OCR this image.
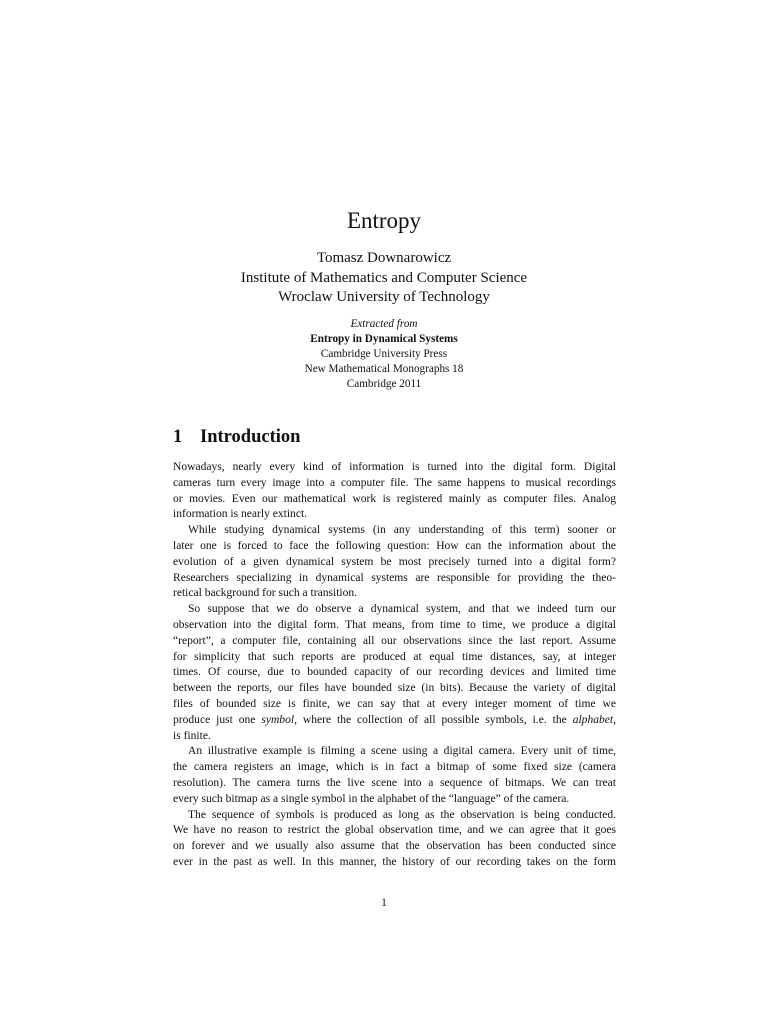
Entropy
Tomasz Downarowicz
Institute of Mathematics and Computer Science
Wroclaw University of Technology
Extracted from
Entropy in Dynamical Systems
Cambridge University Press
New Mathematical Monographs 18
Cambridge 2011
1 Introduction
Nowadays, nearly every kind of information is turned into the digital form. Digital
cameras turn every image into a computer file. The same happens to musical recordings
or movies. Even our mathematical work is registered mainly as computer files. Analog
information is nearly extinct.
While studying dynamical systems (in any understanding of this term) sooner or
later one is forced to face the following question: How can the information about the
evolution of a given dynamical system be most precisely turned into a digital form?
Researchers specializing in dynamical systems are responsible for providing the theo-
retical background for such a transition.
So suppose that we do observe a dynamical system, and that we indeed turn our
observation into the digital form. That means, from time to time, we produce a digital
“report”, a computer file, containing all our observations since the last report. Assume
for simplicity that such reports are produced at equal time distances, say, at integer
times. Of course, due to bounded capacity of our recording devices and limited time
between the reports, our files have bounded size (in bits). Because the variety of digital
files of bounded size is finite, we can say that at every integer moment of time we
produce just one symbol, where the collection of all possible symbols, i.e. the alphabet,
is finite.
An illustrative example is filming a scene using a digital camera. Every unit of time,
the camera registers an image, which is in fact a bitmap of some fixed size (camera
resolution). The camera turns the live scene into a sequence of bitmaps. We can treat
every such bitmap as a single symbol in the alphabet of the “language” of the camera.
The sequence of symbols is produced as long as the observation is being conducted.
We have no reason to restrict the global observation time, and we can agree that it goes
on forever and we usually also assume that the observation has been conducted since
ever in the past as well. In this manner, the history of our recording takes on the form
1
